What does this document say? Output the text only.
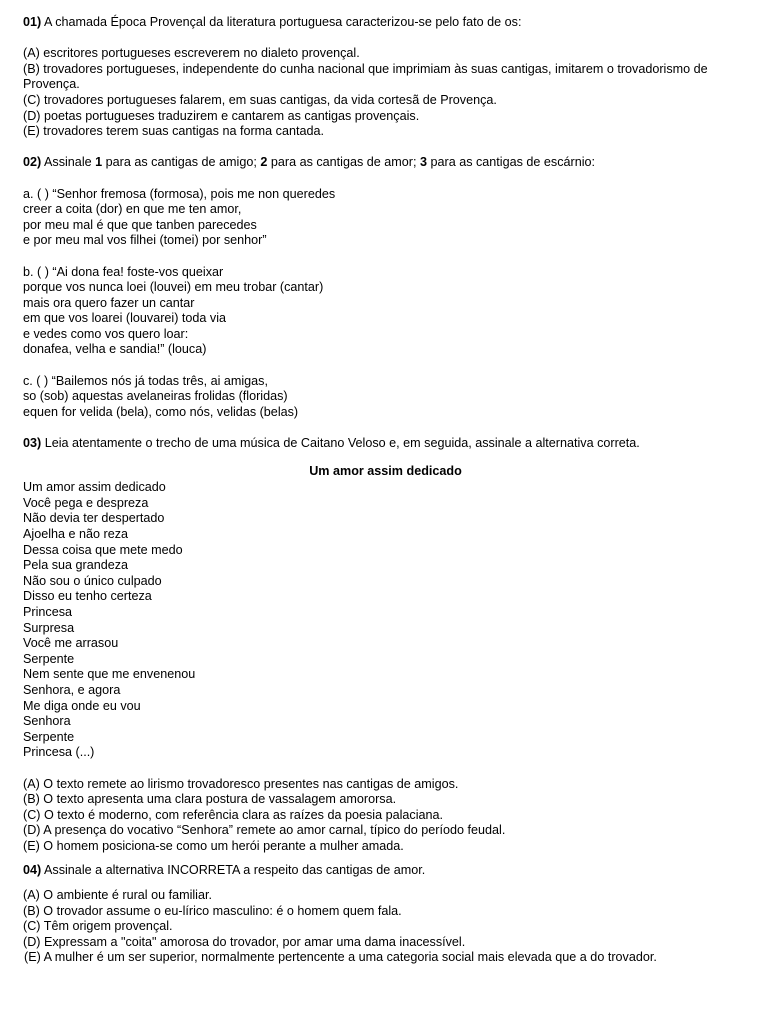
01) A chamada Época Provençal da literatura portuguesa caracterizou-se pelo fato de os:
(A) escritores portugueses escreverem no dialeto provençal.
(B) trovadores portugueses, independente do cunha nacional que imprimiam às suas cantigas, imitarem o trovadorismo de Provença.
(C) trovadores portugueses falarem, em suas cantigas, da vida cortesã de Provença.
(D) poetas portugueses traduzirem e cantarem as cantigas provençais.
(E) trovadores terem suas cantigas na forma cantada.
02) Assinale 1 para as cantigas de amigo; 2 para as cantigas de amor; 3 para as cantigas de escárnio:
a. ( ) “Senhor fremosa (formosa), pois me non queredes
creer a coita (dor) en que me ten amor,
por meu mal é que que tanben parecedes
e por meu mal vos filhei (tomei) por senhor”
b. ( ) “Ai dona fea! foste-vos queixar
porque vos nunca loei (louvei) em meu trobar (cantar)
mais ora quero fazer un cantar
em que vos loarei (louvarei) toda via
e vedes como vos quero loar:
donafea, velha e sandia!” (louca)
c. ( ) “Bailemos nós já todas três, ai amigas,
so (sob) aquestas avelaneiras frolidas (floridas)
equen for velida (bela), como nós, velidas (belas)
03) Leia atentamente o trecho de uma música de Caitano Veloso e, em seguida, assinale a alternativa correta.
Um amor assim dedicado
Um amor assim dedicado
Você pega e despreza
Não devia ter despertado
Ajoelha e não reza
Dessa coisa que mete medo
Pela sua grandeza
Não sou o único culpado
Disso eu tenho certeza
Princesa
Surpresa
Você me arrasou
Serpente
Nem sente que me envenenou
Senhora, e agora
Me diga onde eu vou
Senhora
Serpente
Princesa (...)
(A) O texto remete ao lirismo trovadoresco presentes nas cantigas de amigos.
(B) O texto apresenta uma clara postura de vassalagem amororsa.
(C) O texto é moderno, com referência clara as raízes da poesia palaciana.
(D) A presença do vocativo “Senhora” remete ao amor carnal, típico do período feudal.
(E) O homem posiciona-se como um herói perante a mulher amada.
04) Assinale a alternativa INCORRETA a respeito das cantigas de amor.
(A) O ambiente é rural ou familiar.
(B) O trovador assume o eu-lírico masculino: é o homem quem fala.
(C) Têm origem provençal.
(D) Expressam a "coita" amorosa do trovador, por amar uma dama inacessível.
(E) A mulher é um ser superior, normalmente pertencente a uma categoria social mais elevada que a do trovador.
